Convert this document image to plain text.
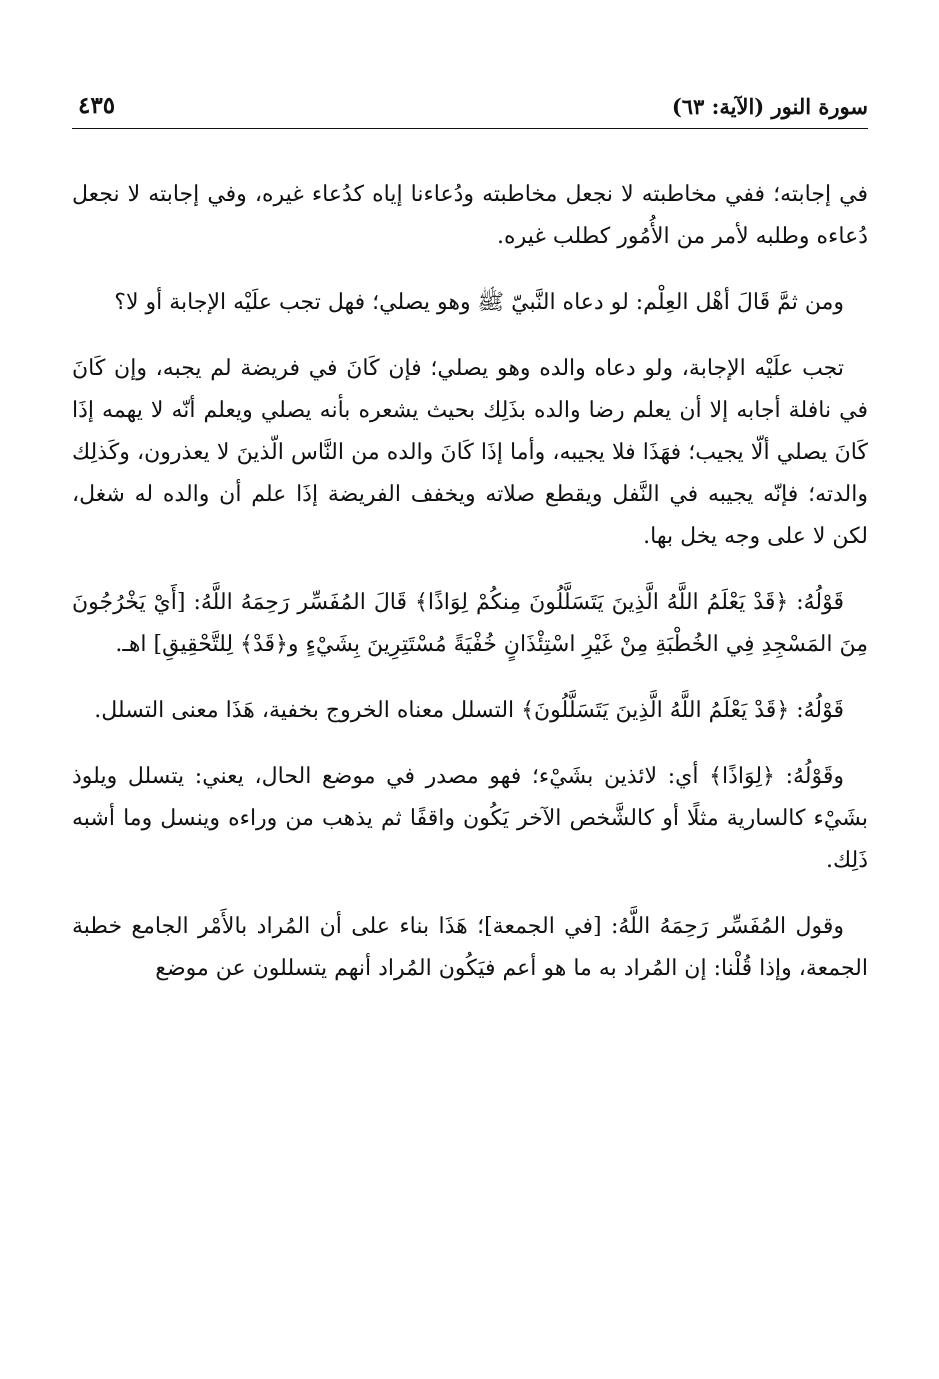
سورة النور (الآية: ٦٣)
٤٣٥

في إجابته؛ ففي مخاطبته لا نجعل مخاطبته ودُعاءنا إياه كدُعاء غيره، وفي إجابته لا نجعل دُعاءه وطلبه لأمر من الأُمُور كطلب غيره.

ومن ثمَّ قَالَ أهْل العِلْم: لو دعاه النَّبيّ ﷺ وهو يصلي؛ فهل تجب علَيْه الإجابة أو لا؟

تجب علَيْه الإجابة، ولو دعاه والده وهو يصلي؛ فإن كَانَ في فريضة لم يجبه، وإن كَانَ في نافلة أجابه إلا أن يعلم رضا والده بذَلِك بحيث يشعره بأنه يصلي ويعلم أنّه لا يهمه إذَا كَانَ يصلي ألّا يجيب؛ فهَذَا فلا يجيبه، وأما إذَا كَانَ والده من النَّاس الّذينَ لا يعذرون، وكَذلِك والدته؛ فإنّه يجيبه في النَّفل ويقطع صلاته ويخفف الفريضة إذَا علم أن والده له شغل، لكن لا على وجه يخل بها.

قَوْلُهُ: ﴿قَدْ يَعْلَمُ اللَّهُ الَّذِينَ يَتَسَلَّلُونَ مِنكُمْ لِوَاذًا﴾ قَالَ المُفَسِّر رَحِمَهُ اللَّهُ: [أَيْ يَخْرُجُونَ مِنَ المَسْجِدِ فِي الخُطْبَةِ مِنْ غَيْرِ اسْتِئْذَانٍ خُفْيَةً مُسْتَتِرِينَ بِشَيْءٍ و﴿قَدْ﴾ لِلتَّحْقِيقِ] اهـ.

قَوْلُهُ: ﴿قَدْ يَعْلَمُ اللَّهُ الَّذِينَ يَتَسَلَّلُونَ﴾ التسلل معناه الخروج بخفية، هَذَا معنى التسلل.

وقَوْلُهُ: ﴿لِوَاذًا﴾ أي: لائذين بشَيْء؛ فهو مصدر في موضع الحال، يعني: يتسلل ويلوذ بشَيْء كالسارية مثلًا أو كالشَّخص الآخر يَكُون واقفًا ثم يذهب من وراءه وينسل وما أشبه ذَلِك.

وقول المُفَسِّر رَحِمَهُ اللَّهُ: [في الجمعة]؛ هَذَا بناء على أن المُراد بالأَمْر الجامع خطبة الجمعة، وإذا قُلْنا: إن المُراد به ما هو أعم فيَكُون المُراد أنهم يتسللون عن موضع
